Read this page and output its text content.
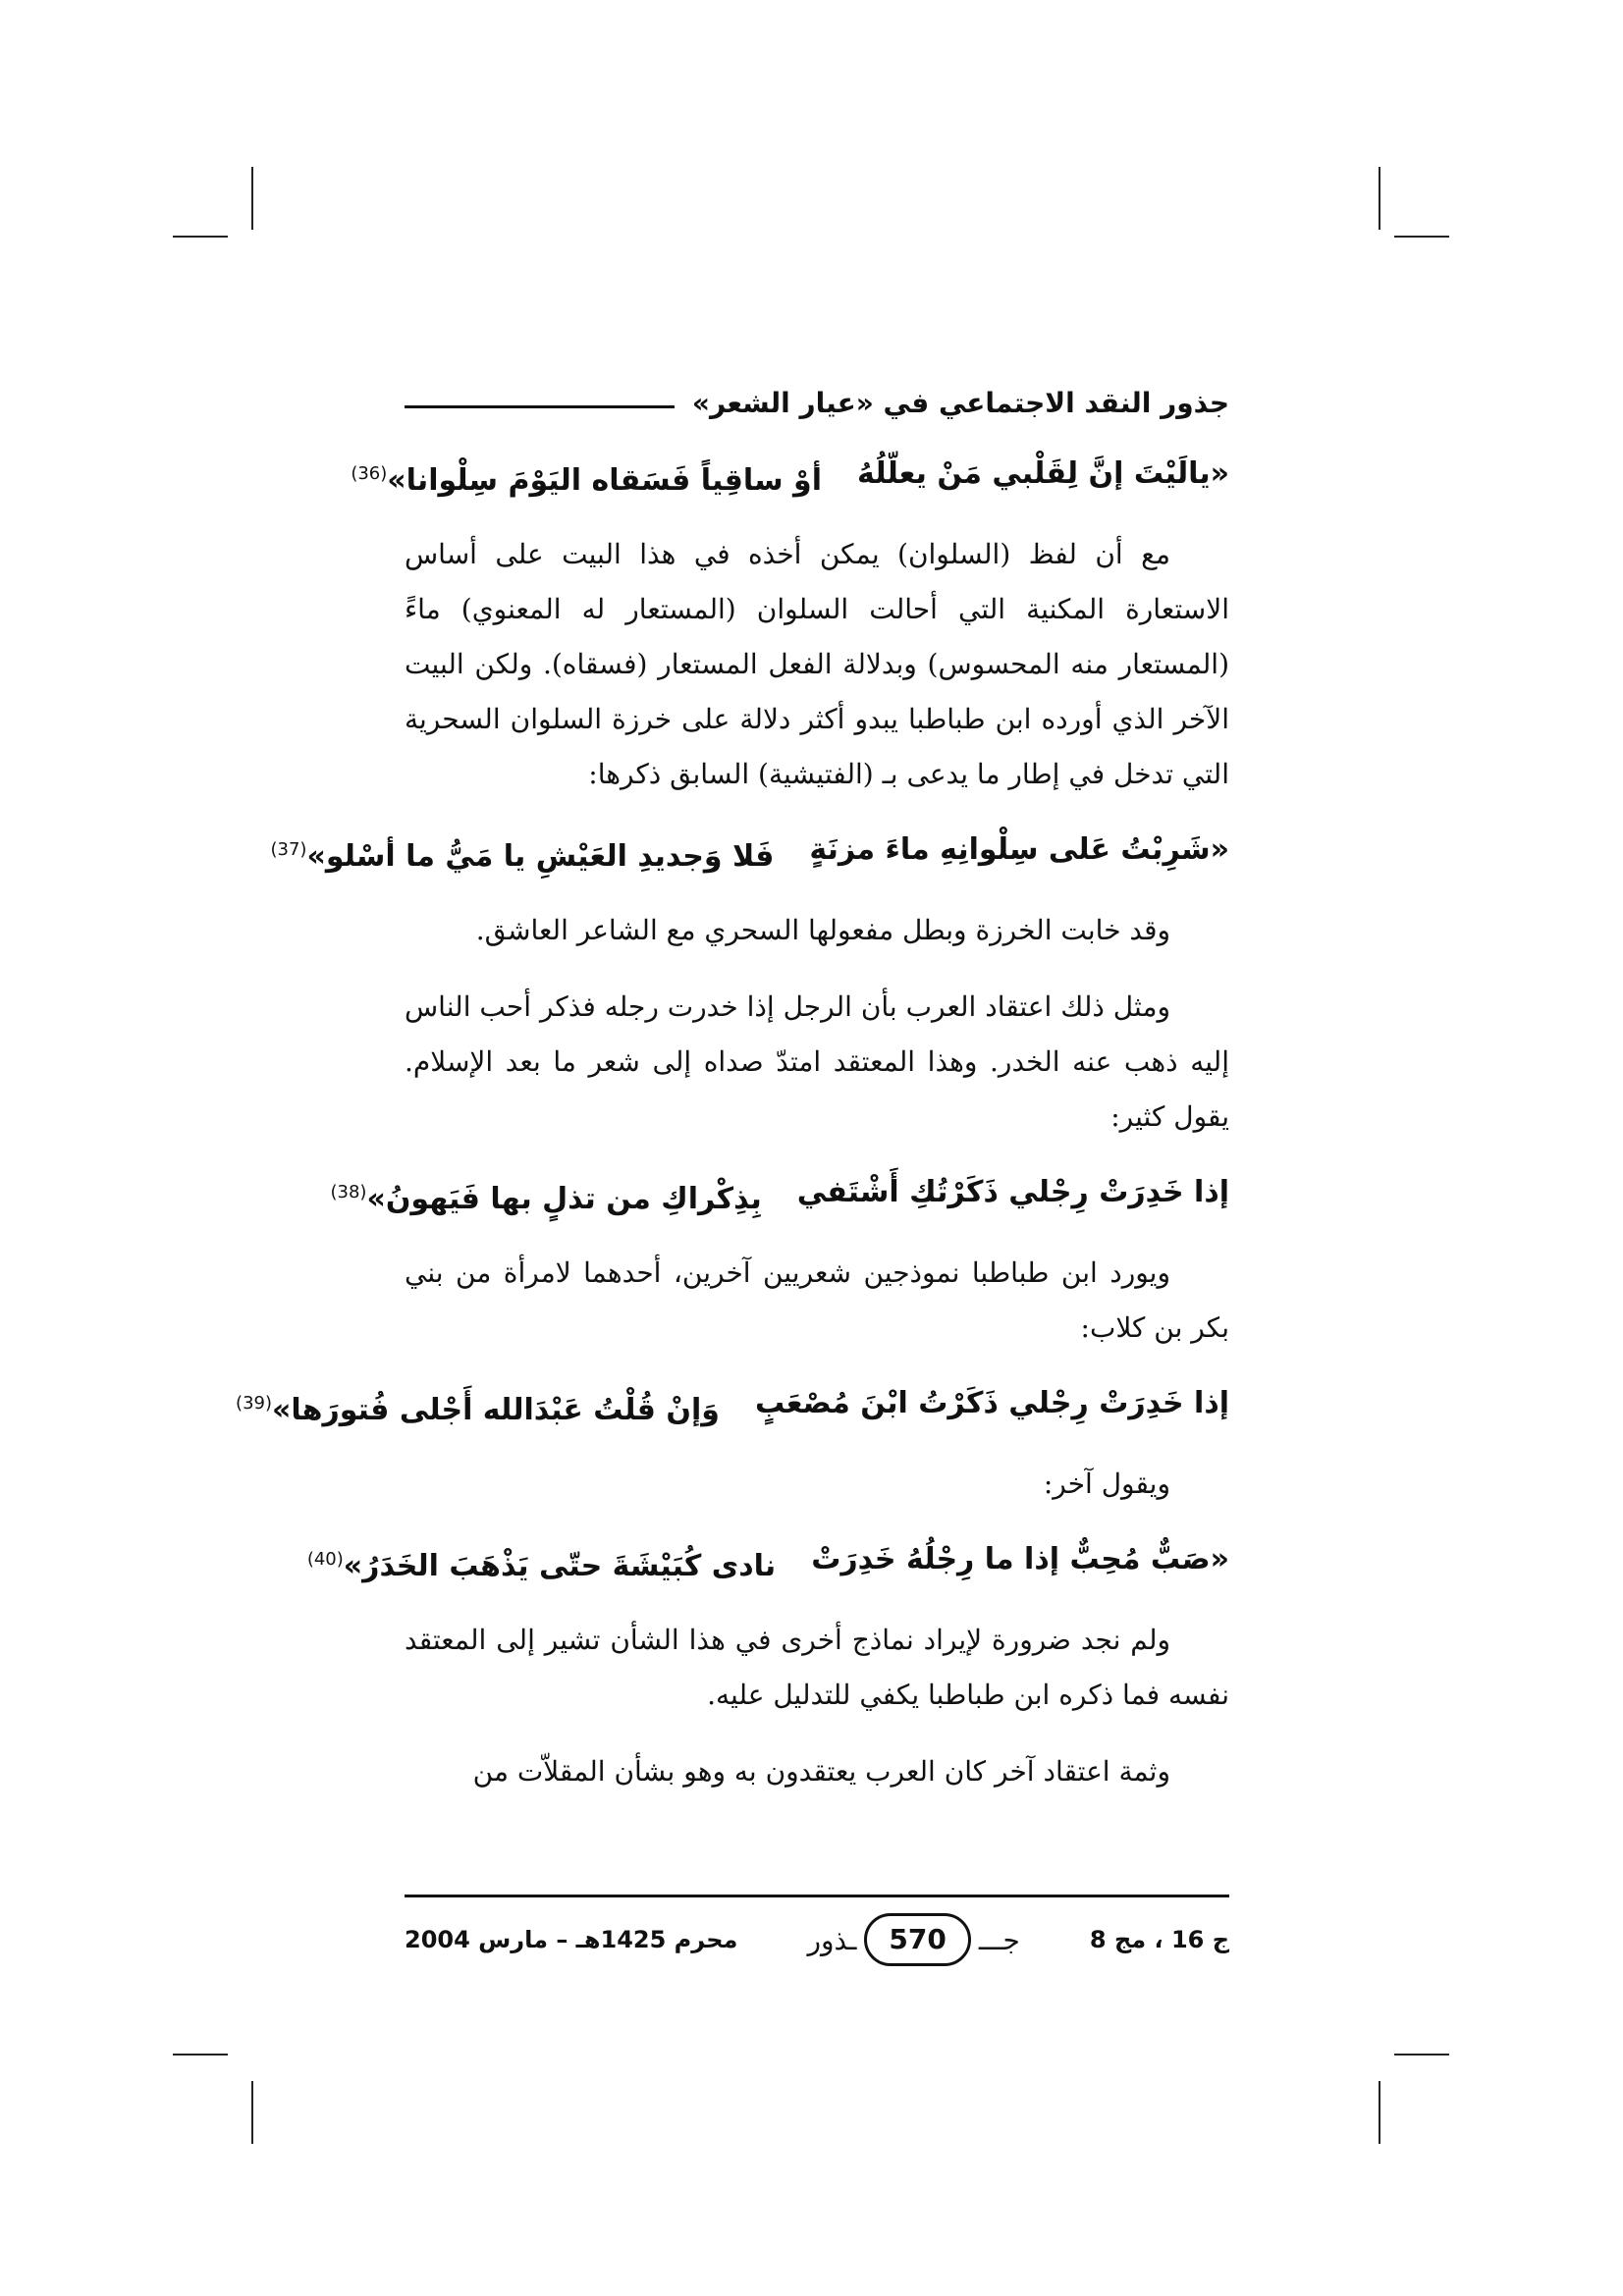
جذور النقد الاجتماعي في «عيار الشعر»
«يالَيْتَ إنَّ لِقَلْبي مَنْ يعلّلُهُ
أوْ ساقِياً فَسَقاه اليَوْمَ سِلْوانا»$^{(36)}$

مع أن لفظ (السلوان) يمكن أخذه في هذا البيت على أساس الاستعارة المكنية التي أحالت السلوان (المستعار له المعنوي) ماءً (المستعار منه المحسوس) وبدلالة الفعل المستعار (فسقاه). ولكن البيت الآخر الذي أورده ابن طباطبا يبدو أكثر دلالة على خرزة السلوان السحرية التي تدخل في إطار ما يدعى بـ (الفتيشية) السابق ذكرها:

«شَرِبْتُ عَلى سِلْوانِهِ ماءَ مزنَةٍ
فَلا وَجديدِ العَيْشِ يا مَيُّ ما أسْلو»$^{(37)}$

وقد خابت الخرزة وبطل مفعولها السحري مع الشاعر العاشق.

ومثل ذلك اعتقاد العرب بأن الرجل إذا خدرت رجله فذكر أحب الناس إليه ذهب عنه الخدر. وهذا المعتقد امتدّ صداه إلى شعر ما بعد الإسلام. يقول كثير:

إذا خَدِرَتْ رِجْلي ذَكَرْتُكِ أَشْتَفي
بِذِكْراكِ من تذلٍ بها فَيَهونُ»$^{(38)}$

ويورد ابن طباطبا نموذجين شعريين آخرين، أحدهما لامرأة من بني بكر بن كلاب:

إذا خَدِرَتْ رِجْلي ذَكَرْتُ ابْنَ مُصْعَبٍ
وَإنْ قُلْتُ عَبْدَالله أَجْلى فُتورَها»$^{(39)}$

ويقول آخر:

«صَبٌّ مُحِبٌّ إذا ما رِجْلُهُ خَدِرَتْ
نادى كُبَيْشَةَ حتّى يَذْهَبَ الخَدَرُ»$^{(40)}$

ولم نجد ضرورة لإيراد نماذج أخرى في هذا الشأن تشير إلى المعتقد نفسه فما ذكره ابن طباطبا يكفي للتدليل عليه.

وثمة اعتقاد آخر كان العرب يعتقدون به وهو بشأن المقلاّت من

ج 16 ، مج 8
جـــ
570
ـذور
محرم 1425هـ – مارس 2004
